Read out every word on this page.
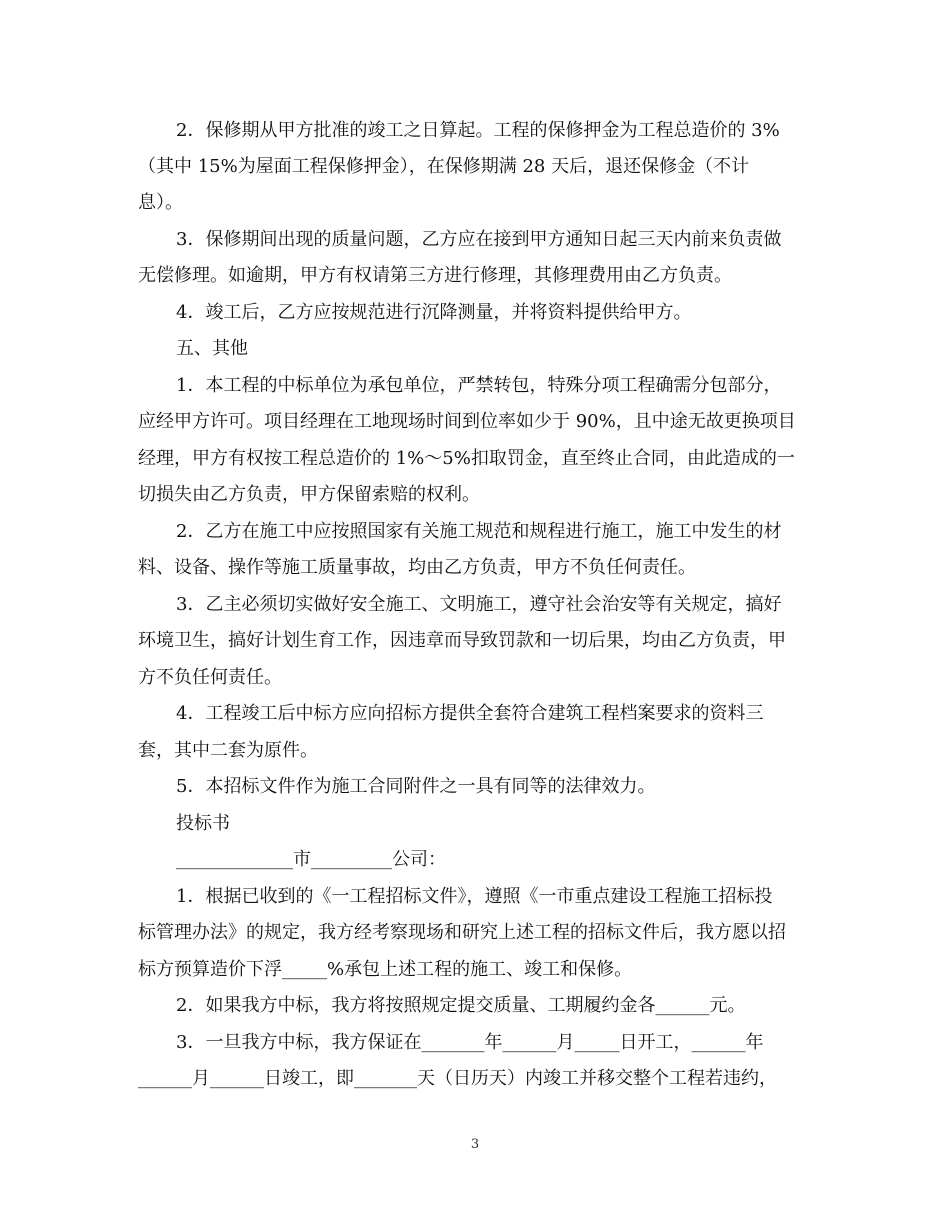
2．保修期从甲方批准的竣工之日算起。工程的保修押金为工程总造价的 3%
（其中 15%为屋面工程保修押金），在保修期满 28 天后，退还保修金（不计
息）。
3．保修期间出现的质量问题，乙方应在接到甲方通知日起三天内前来负责做
无偿修理。如逾期，甲方有权请第三方进行修理，其修理费用由乙方负责。
4．竣工后，乙方应按规范进行沉降测量，并将资料提供给甲方。
五、其他
1．本工程的中标单位为承包单位，严禁转包，特殊分项工程确需分包部分，
应经甲方许可。项目经理在工地现场时间到位率如少于 90%，且中途无故更换项目
经理，甲方有权按工程总造价的 1%～5%扣取罚金，直至终止合同，由此造成的一
切损失由乙方负责，甲方保留索赔的权利。
2．乙方在施工中应按照国家有关施工规范和规程进行施工，施工中发生的材
料、设备、操作等施工质量事故，均由乙方负责，甲方不负任何责任。
3．乙主必须切实做好安全施工、文明施工，遵守社会治安等有关规定，搞好
环境卫生，搞好计划生育工作，因违章而导致罚款和一切后果，均由乙方负责，甲
方不负任何责任。
4．工程竣工后中标方应向招标方提供全套符合建筑工程档案要求的资料三
套，其中二套为原件。
5．本招标文件作为施工合同附件之一具有同等的法律效力。
投标书
_____________市_________公司：
1．根据已收到的《一工程招标文件》，遵照《一市重点建设工程施工招标投
标管理办法》的规定，我方经考察现场和研究上述工程的招标文件后，我方愿以招
标方预算造价下浮_____%承包上述工程的施工、竣工和保修。
2．如果我方中标，我方将按照规定提交质量、工期履约金各______元。
3．一旦我方中标，我方保证在_______年______月_____日开工，______年
______月______日竣工，即_______天（日历天）内竣工并移交整个工程若违约，
3
